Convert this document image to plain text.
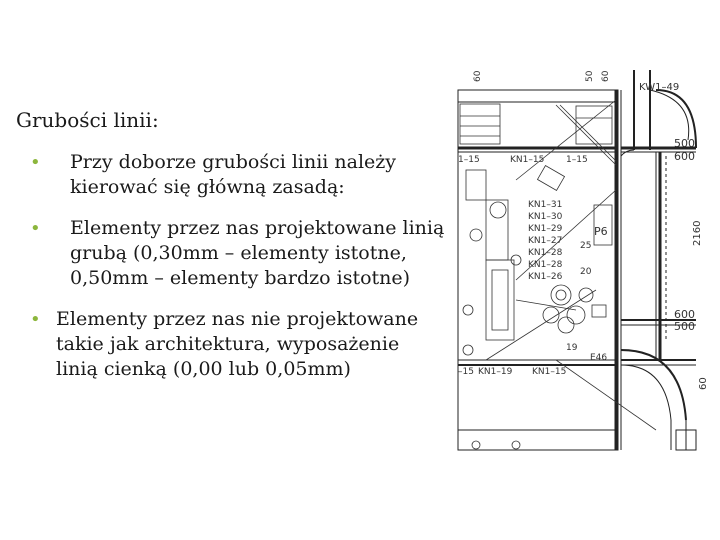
Grubości linii:
• Przy doborze grubości linii należy kierować się główną zasadą:
• Elementy przez nas projektowane linią grubą (0,30mm – elementy istotne, 0,50mm – elementy bardzo istotne)
• Elementy przez nas nie projektowane takie jak architektura, wyposażenie linią cienką (0,00 lub 0,05mm)
60	50 60
KW1–49
1–15	KN1–15 1–15
500
600
KN1–31
KN1–30
KN1–29
KN1–27
KN1–28
KN1–28
KN1–26
25
20
P6	2160
600
500
19
E46
KN1–19 KN1–15
–15
60
